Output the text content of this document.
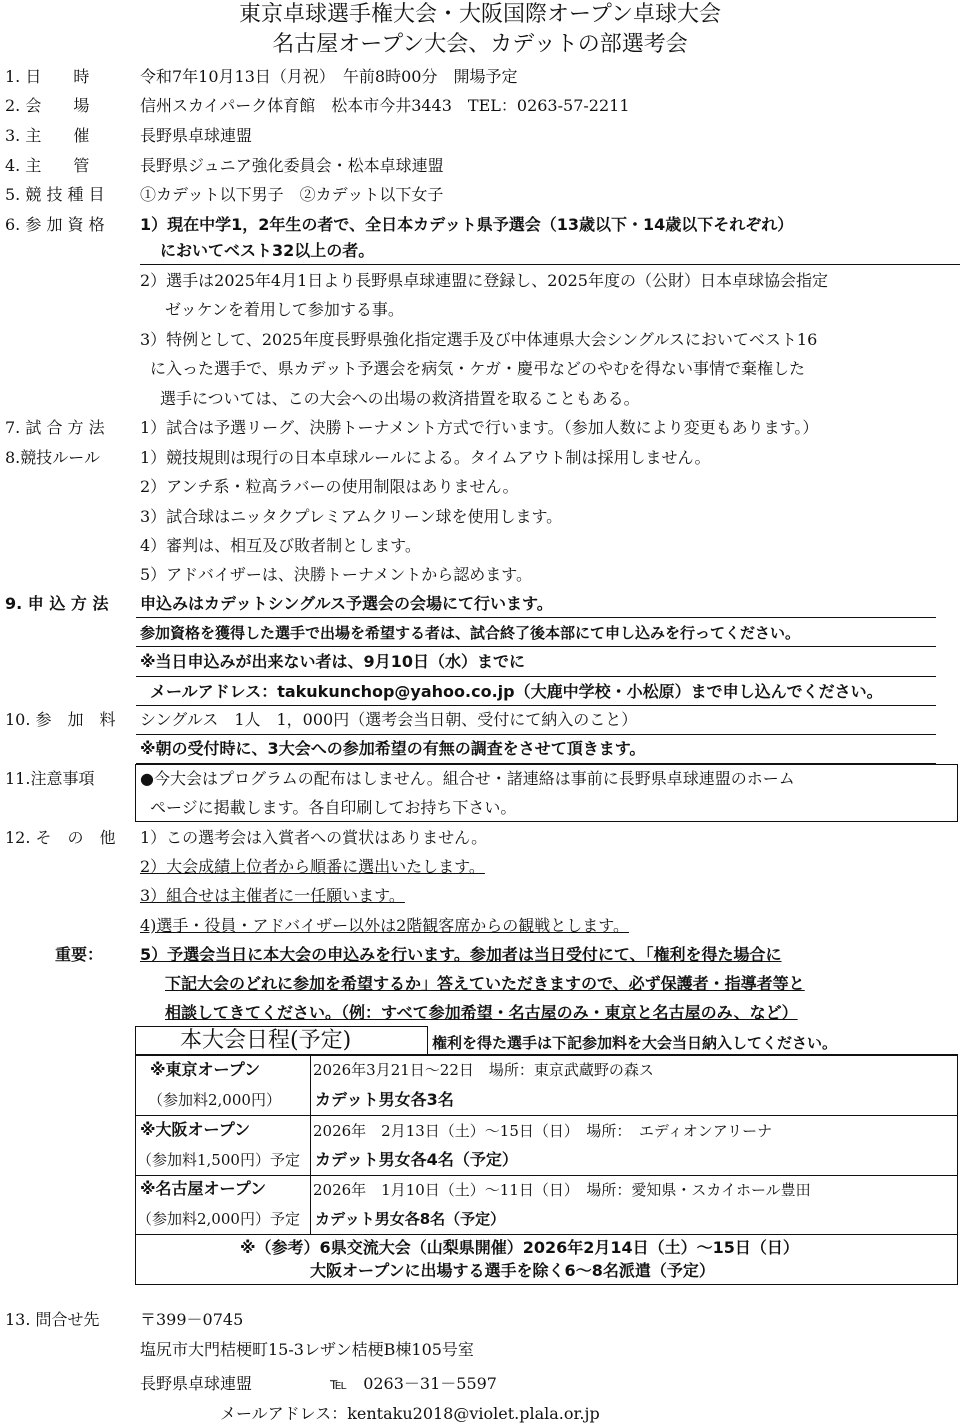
東京卓球選手権大会・大阪国際オープン卓球大会
名古屋オープン大会、カデットの部選考会
1. 日　　時	令和7年10月13日（月祝）　午前8時00分　開場予定
2. 会　　場	信州スカイパーク体育館　松本市今井3443　TEL：0263-57-2211
3. 主　　催	長野県卓球連盟
4. 主　　管	長野県ジュニア強化委員会・松本卓球連盟
5. 競 技 種 目 ①カデット以下男子　②カデット以下女子
6. 参 加 資 格 1）現在中学1，2年生の者で、全日本カデット県予選会（13歳以下・14歳以下それぞれ）
においてベスト32以上の者。
2）選手は2025年4月1日より長野県卓球連盟に登録し、2025年度の（公財）日本卓球協会指定
ゼッケンを着用して参加する事。
3）特例として、2025年度長野県強化指定選手及び中体連県大会シングルスにおいてベスト16
に入った選手で、県カデット予選会を病気・ケガ・慶弔などのやむを得ない事情で棄権した
選手については、この大会への出場の救済措置を取ることもある。
7. 試 合 方 法 1）試合は予選リーグ、決勝トーナメント方式で行います。（参加人数により変更もあります。）
8.競技ルール	1）競技規則は現行の日本卓球ルールによる。タイムアウト制は採用しません。
2）アンチ系・粒高ラバーの使用制限はありません。
3）試合球はニッタクプレミアムクリーン球を使用します。
4）審判は、相互及び敗者制とします。
5）アドバイザーは、決勝トーナメントから認めます。
9. 申 込 方 法 申込みはカデットシングルス予選会の会場にて行います。
参加資格を獲得した選手で出場を希望する者は、試合終了後本部にて申し込みを行ってください。
※当日申込みが出来ない者は、9月10日（水）までに
メールアドレス：takukunchop@yahoo.co.jp（大鹿中学校・小松原）まで申し込んでください。
10. 参　加　料 シングルス　1人　1，000円（選考会当日朝、受付にて納入のこと）
※朝の受付時に、3大会への参加希望の有無の調査をさせて頂きます。
11.注意事項	●今大会はプログラムの配布はしません。組合せ・諸連絡は事前に長野県卓球連盟のホーム
ページに掲載します。各自印刷してお持ち下さい。
12. そ　の　他 1）この選考会は入賞者への賞状はありません。
2）大会成績上位者から順番に選出いたします。
3）組合せは主催者に一任願います。
4)選手・役員・アドバイザー以外は2階観客席からの観戦とします。
重要： 5）予選会当日に本大会の申込みを行います。参加者は当日受付にて、「権利を得た場合に
下記大会のどれに参加を希望するか」答えていただきますので、必ず保護者・指導者等と
相談してきてください。（例：すべて参加希望・名古屋のみ・東京と名古屋のみ、など）
本大会日程(予定)	権利を得た選手は下記参加料を大会当日納入してください。
※東京オープン	2026年3月21日～22日　場所：東京武蔵野の森ス
（参加料2,000円） カデット男女各3名
※大阪オープン	2026年　2月13日（土）～15日（日）　場所：　エディオンアリーナ
（参加料1,500円）予定 カデット男女各4名（予定）
※名古屋オープン	2026年　1月10日（土）～11日（日）　場所：愛知県・スカイホール豊田
（参加料2,000円）予定 カデット男女各8名（予定）
※（参考）6県交流大会（山梨県開催）2026年2月14日（土）～15日（日）
大阪オープンに出場する選手を除く6～8名派遣（予定）
13. 問合せ先	〒399－0745
塩尻市大門桔梗町15-3レザン桔梗B棟105号室
長野県卓球連盟	℡　0263－31－5597
メールアドレス：kentaku2018@violet.plala.or.jp
